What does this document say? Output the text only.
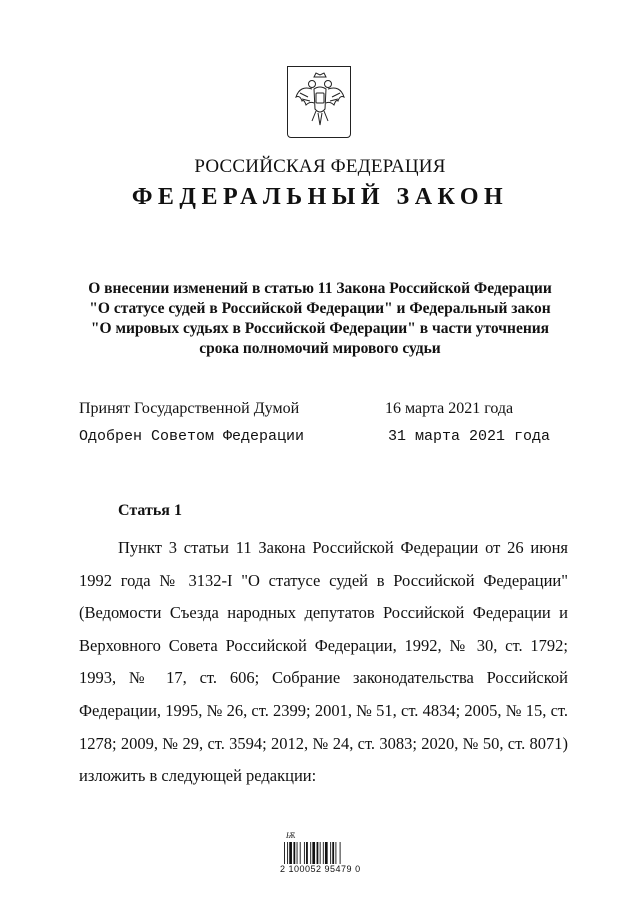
РОССИЙСКАЯ ФЕДЕРАЦИЯ
ФЕДЕРАЛЬНЫЙ ЗАКОН
О внесении изменений в статью 11 Закона Российской Федерации
"О статусе судей в Российской Федерации" и Федеральный закон
"О мировых судьях в Российской Федерации" в части уточнения
срока полномочий мирового судьи
Принят Государственной Думой	16 марта 2021 года
Одобрен Советом Федерации	31 марта 2021 года
Статья 1
Пункт 3 статьи 11 Закона Российской Федерации от 26 июня 1992 года № 3132-I "О статусе судей в Российской Федерации" (Ведомости Съезда народных депутатов Российской Федерации и Верховного Совета Российской Федерации, 1992, № 30, ст. 1792; 1993, № 17, ст. 606; Собрание законодательства Российской Федерации, 1995, № 26, ст. 2399; 2001, № 51, ст. 4834; 2005, № 15, ст. 1278; 2009, № 29, ст. 3594; 2012, № 24, ст. 3083; 2020, № 50, ст. 8071) изложить в следующей редакции:
Ѭ
2 100052 95479 0
